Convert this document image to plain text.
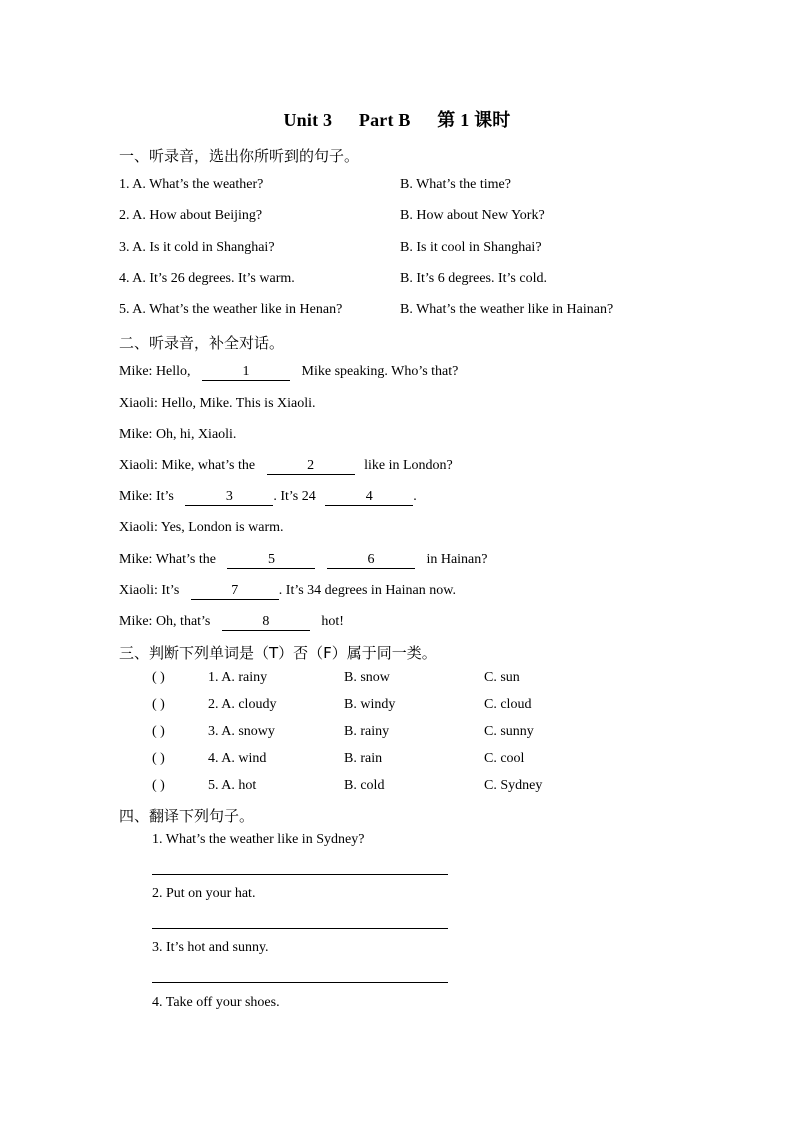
Unit 3 Part B 第 1 课时
一、听录音，选出你所听到的句子。
1. A. What’s the weather?	B. What’s the time?
2. A. How about Beijing?	B. How about New York?
3. A. Is it cold in Shanghai?	B. Is it cool in Shanghai?
4. A. It’s 26 degrees. It’s warm.	B. It’s 6 degrees. It’s cold.
5. A. What’s the weather like in Henan?	B. What’s the weather like in Hainan?
二、听录音，补全对话。
Mike: Hello,	1	Mike speaking. Who’s that?
Xiaoli: Hello, Mike. This is Xiaoli.
Mike: Oh, hi, Xiaoli.
Xiaoli: Mike, what’s the	2	like in London?
Mike: It’s	3	. It’s 24	4	.
Xiaoli: Yes, London is warm.
Mike: What’s the	5	6	in Hainan?
Xiaoli: It’s	7	. It’s 34 degrees in Hainan now.
Mike: Oh, that’s	8	hot!
三、判断下列单词是（T）否（F）属于同一类。
( )	1. A. rainy	B. snow	C. sun
( )	2. A. cloudy	B. windy	C. cloud
( )	3. A. snowy	B. rainy	C. sunny
( )	4. A. wind	B. rain	C. cool
( )	5. A. hot	B. cold	C. Sydney
四、翻译下列句子。
1. What’s the weather like in Sydney?
2. Put on your hat.
3. It’s hot and sunny.
4. Take off your shoes.
